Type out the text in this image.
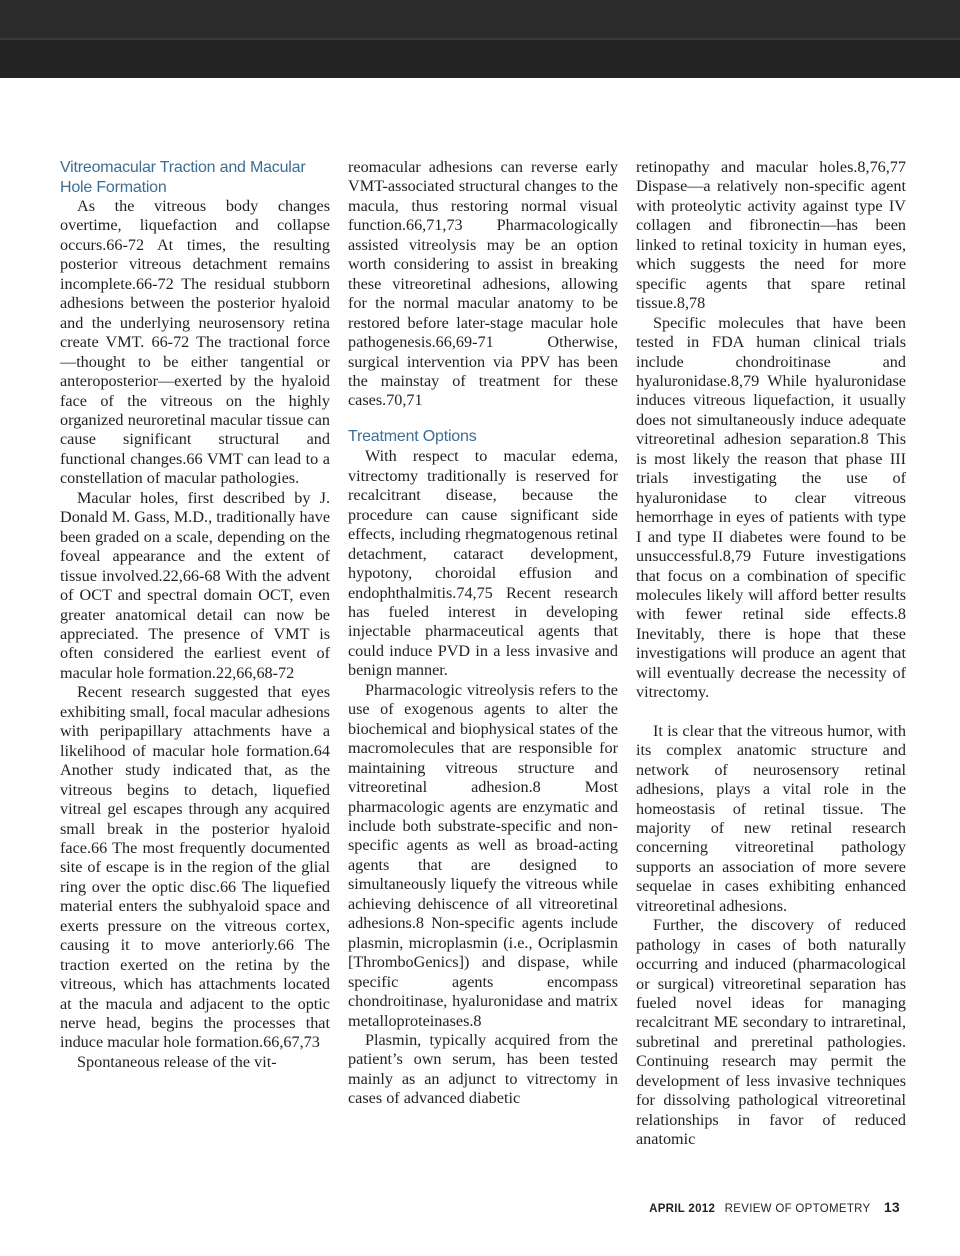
Vitreomacular Traction and Macular Hole Formation

As the vitreous body changes overtime, liquefaction and collapse occurs.66-72 At times, the resulting posterior vitreous detachment remains incomplete.66-72 The residual stubborn adhesions between the posterior hyaloid and the underlying neurosensory retina create VMT. 66-72 The tractional force—thought to be either tangential or anteroposterior—exerted by the hyaloid face of the vitreous on the highly organized neuroretinal macular tissue can cause significant structural and functional changes.66 VMT can lead to a constellation of macular pathologies.

Macular holes, first described by J. Donald M. Gass, M.D., traditionally have been graded on a scale, depending on the foveal appearance and the extent of tissue involved.22,66-68 With the advent of OCT and spectral domain OCT, even greater anatomical detail can now be appreciated. The presence of VMT is often considered the earliest event of macular hole formation.22,66,68-72

Recent research suggested that eyes exhibiting small, focal macular adhesions with peripapillary attachments have a likelihood of macular hole formation.64 Another study indicated that, as the vitreous begins to detach, liquefied vitreal gel escapes through any acquired small break in the posterior hyaloid face.66 The most frequently documented site of escape is in the region of the glial ring over the optic disc.66 The liquefied material enters the subhyaloid space and exerts pressure on the vitreous cortex, causing it to move anteriorly.66 The traction exerted on the retina by the vitreous, which has attachments located at the macula and adjacent to the optic nerve head, begins the processes that induce macular hole formation.66,67,73

Spontaneous release of the vit-

reomacular adhesions can reverse early VMT-associated structural changes to the macula, thus restoring normal visual function.66,71,73 Pharmacologically assisted vitreolysis may be an option worth considering to assist in breaking these vitreoretinal adhesions, allowing for the normal macular anatomy to be restored before later-stage macular hole pathogenesis.66,69-71 Otherwise, surgical intervention via PPV has been the mainstay of treatment for these cases.70,71

Treatment Options

With respect to macular edema, vitrectomy traditionally is reserved for recalcitrant disease, because the procedure can cause significant side effects, including rhegmatogenous retinal detachment, cataract development, hypotony, choroidal effusion and endophthalmitis.74,75 Recent research has fueled interest in developing injectable pharmaceutical agents that could induce PVD in a less invasive and benign manner.

Pharmacologic vitreolysis refers to the use of exogenous agents to alter the biochemical and biophysical states of the macromolecules that are responsible for maintaining vitreous structure and vitreoretinal adhesion.8 Most pharmacologic agents are enzymatic and include both substrate-specific and non-specific agents as well as broad-acting agents that are designed to simultaneously liquefy the vitreous while achieving dehiscence of all vitreoretinal adhesions.8 Non-specific agents include plasmin, microplasmin (i.e., Ocriplasmin [ThromboGenics]) and dispase, while specific agents encompass chondroitinase, hyaluronidase and matrix metalloproteinases.8

Plasmin, typically acquired from the patient’s own serum, has been tested mainly as an adjunct to vitrectomy in cases of advanced diabetic

retinopathy and macular holes.8,76,77 Dispase—a relatively non-specific agent with proteolytic activity against type IV collagen and fibronectin—has been linked to retinal toxicity in human eyes, which suggests the need for more specific agents that spare retinal tissue.8,78

Specific molecules that have been tested in FDA human clinical trials include chondroitinase and hyaluronidase.8,79 While hyaluronidase induces vitreous liquefaction, it usually does not simultaneously induce adequate vitreoretinal adhesion separation.8 This is most likely the reason that phase III trials investigating the use of hyaluronidase to clear vitreous hemorrhage in eyes of patients with type I and type II diabetes were found to be unsuccessful.8,79 Future investigations that focus on a combination of specific molecules likely will afford better results with fewer retinal side effects.8 Inevitably, there is hope that these investigations will produce an agent that will eventually decrease the necessity of vitrectomy.

It is clear that the vitreous humor, with its complex anatomic structure and network of neurosensory retinal adhesions, plays a vital role in the homeostasis of retinal tissue. The majority of new retinal research concerning vitreoretinal pathology supports an association of more severe sequelae in cases exhibiting enhanced vitreoretinal adhesions.

Further, the discovery of reduced pathology in cases of both naturally occurring and induced (pharmacological or surgical) vitreoretinal separation has fueled novel ideas for managing recalcitrant ME secondary to intraretinal, subretinal and preretinal pathologies. Continuing research may permit the development of less invasive techniques for dissolving pathological vitreoretinal relationships in favor of reduced anatomic

APRIL 2012 REVIEW OF OPTOMETRY 13
